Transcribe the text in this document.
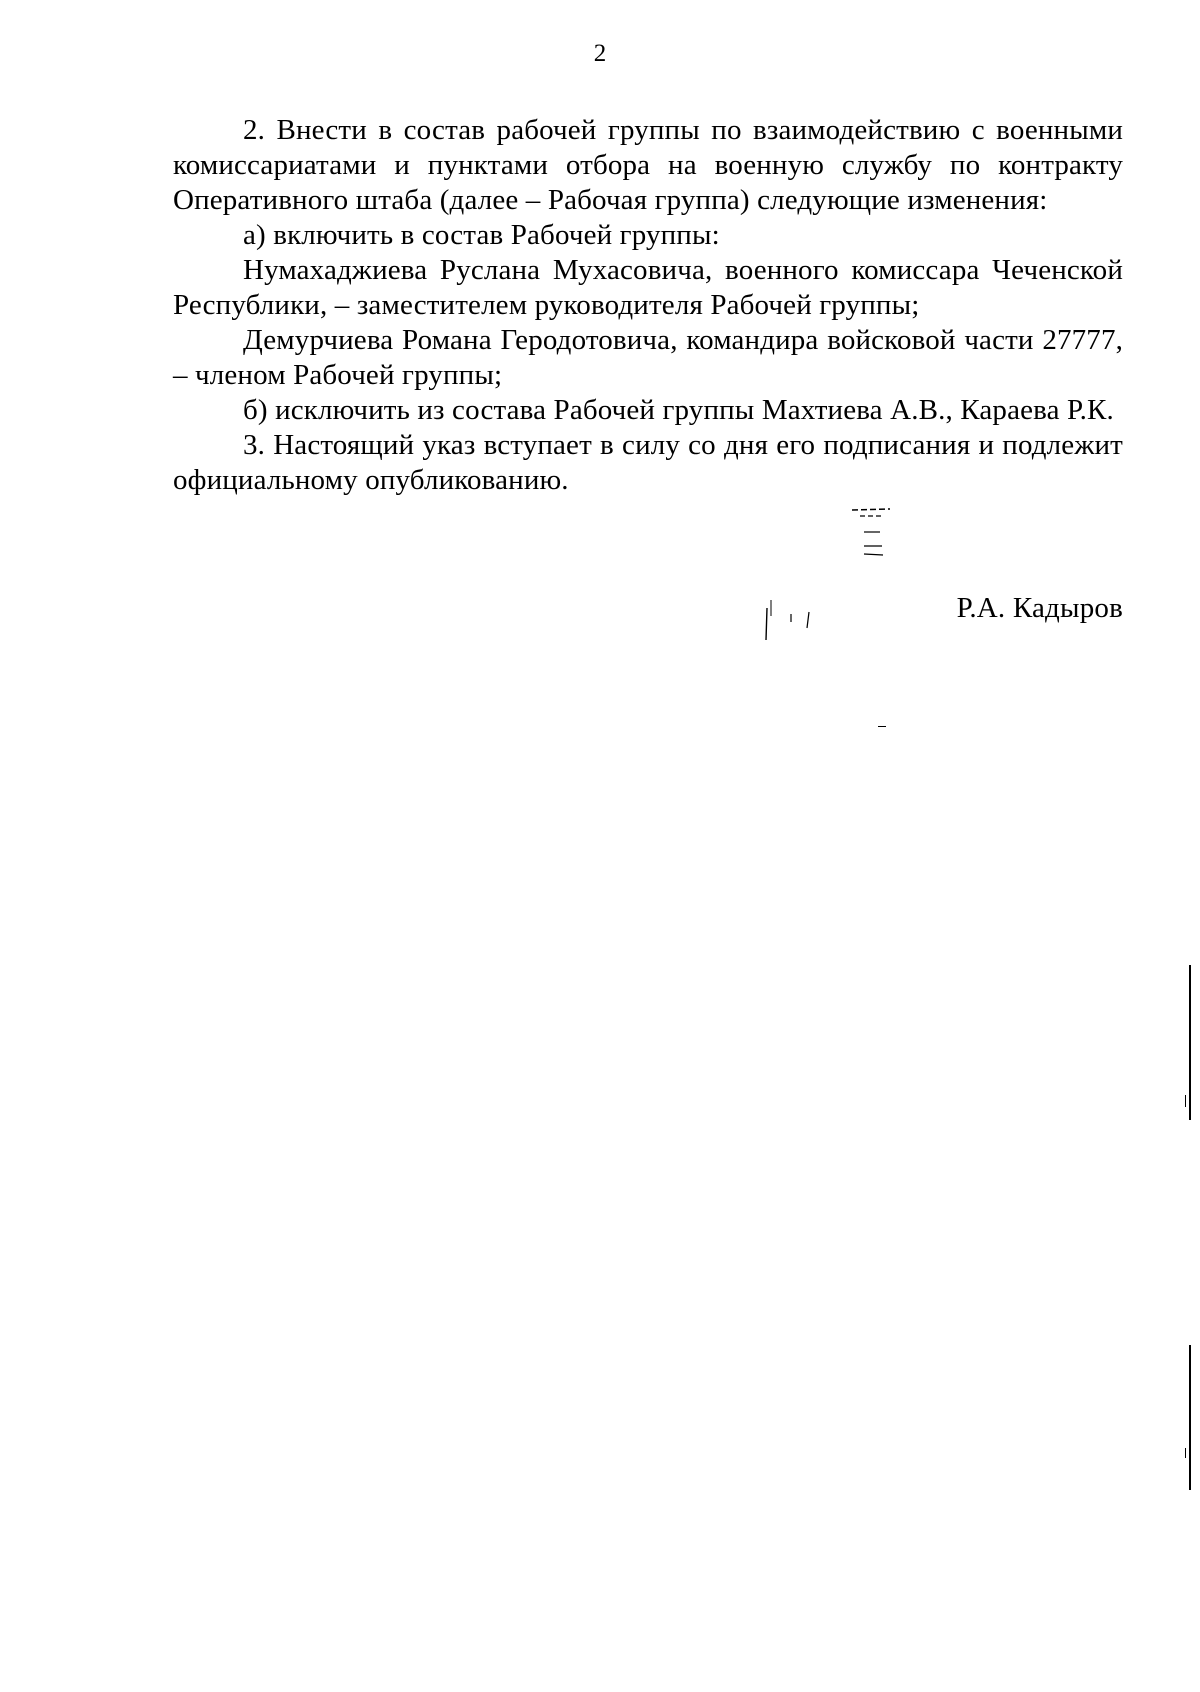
2

2. Внести в состав рабочей группы по взаимодействию с военными комиссариатами и пунктами отбора на военную службу по контракту Оперативного штаба (далее – Рабочая группа) следующие изменения:

а) включить в состав Рабочей группы:

Нумахаджиева Руслана Мухасовича, военного комиссара Чеченской Республики, – заместителем руководителя Рабочей группы;

Демурчиева Романа Геродотовича, командира войсковой части 27777, – членом Рабочей группы;

б) исключить из состава Рабочей группы Махтиева А.В., Караева Р.К.

3. Настоящий указ вступает в силу со дня его подписания и подлежит официальному опубликованию.

Р.А. Кадыров
